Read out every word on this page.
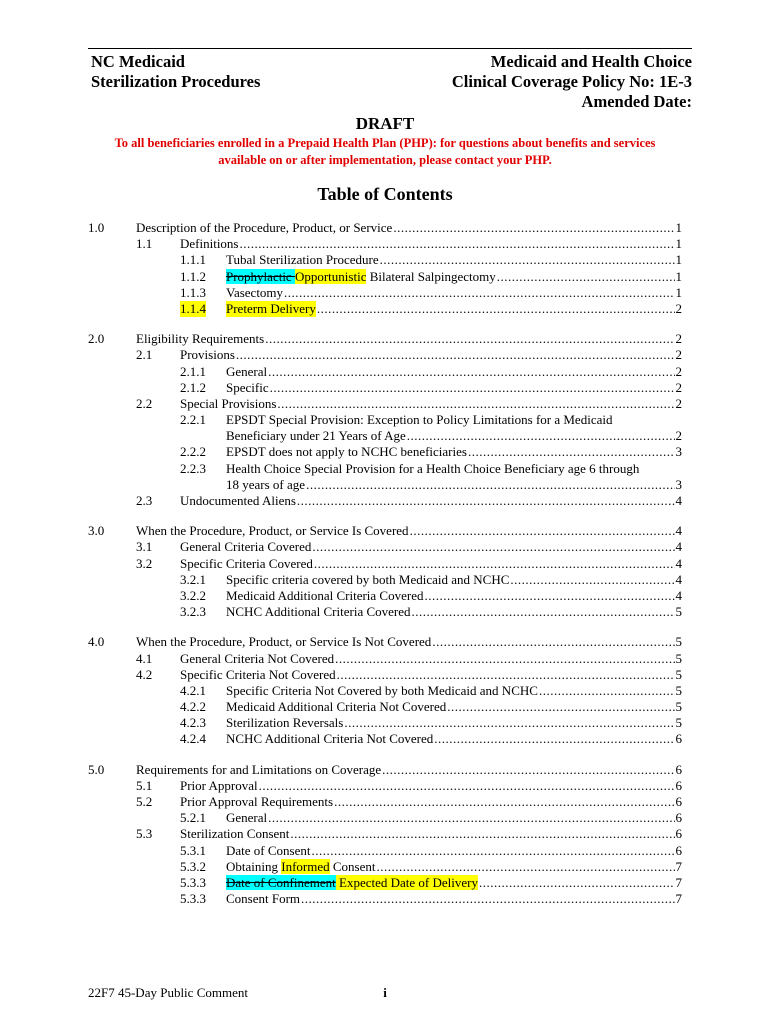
NC Medicaid
Sterilization Procedures
Medicaid and Health Choice
Clinical Coverage Policy No: 1E-3
Amended Date:
DRAFT
To all beneficiaries enrolled in a Prepaid Health Plan (PHP): for questions about benefits and services available on or after implementation, please contact your PHP.
Table of Contents
1.0 Description of the Procedure, Product, or Service .....	1
1.1 Definitions .....	1
1.1.1 Tubal Sterilization Procedure .....	1
1.1.2 Prophylactic Opportunistic Bilateral Salpingectomy .....	1
1.1.3 Vasectomy .....	1
1.1.4 Preterm Delivery .....	2
2.0 Eligibility Requirements .....	2
2.1 Provisions .....	2
2.1.1 General .....	2
2.1.2 Specific .....	2
2.2 Special Provisions .....	2
2.2.1 EPSDT Special Provision: Exception to Policy Limitations for a Medicaid
Beneficiary under 21 Years of Age .....	2
2.2.2 EPSDT does not apply to NCHC beneficiaries .....	3
2.2.3 Health Choice Special Provision for a Health Choice Beneficiary age 6 through
18 years of age .....	3
2.3 Undocumented Aliens .....	4
3.0 When the Procedure, Product, or Service Is Covered .....	4
3.1 General Criteria Covered .....	4
3.2 Specific Criteria Covered .....	4
3.2.1 Specific criteria covered by both Medicaid and NCHC .....	4
3.2.2 Medicaid Additional Criteria Covered .....	4
3.2.3 NCHC Additional Criteria Covered .....	5
4.0 When the Procedure, Product, or Service Is Not Covered .....	5
4.1 General Criteria Not Covered .....	5
4.2 Specific Criteria Not Covered .....	5
4.2.1 Specific Criteria Not Covered by both Medicaid and NCHC .....	5
4.2.2 Medicaid Additional Criteria Not Covered .....	5
4.2.3 Sterilization Reversals .....	5
4.2.4 NCHC Additional Criteria Not Covered .....	6
5.0 Requirements for and Limitations on Coverage .....	6
5.1 Prior Approval .....	6
5.2 Prior Approval Requirements .....	6
5.2.1 General .....	6
5.3 Sterilization Consent .....	6
5.3.1 Date of Consent .....	6
5.3.2 Obtaining Informed Consent .....	7
5.3.3 Date of Confinement Expected Date of Delivery .....	7
5.3.3 Consent Form .....	7
22F7 45-Day Public Comment	i
